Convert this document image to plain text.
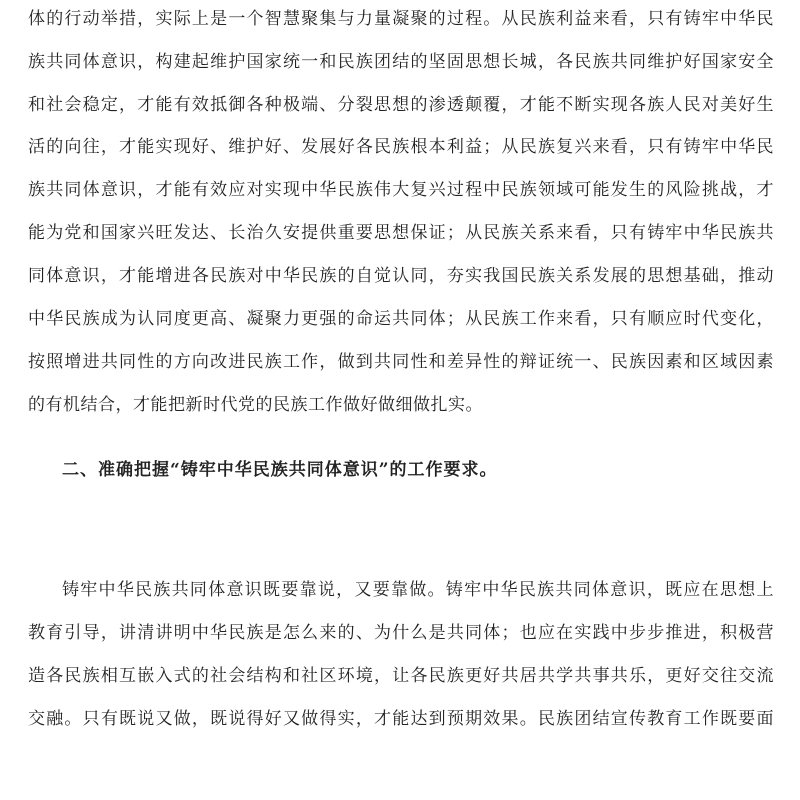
体的行动举措，实际上是一个智慧聚集与力量凝聚的过程。从民族利益来看，只有铸牢中华民
族共同体意识，构建起维护国家统一和民族团结的坚固思想长城，各民族共同维护好国家安全
和社会稳定，才能有效抵御各种极端、分裂思想的渗透颠覆，才能不断实现各族人民对美好生
活的向往，才能实现好、维护好、发展好各民族根本利益；从民族复兴来看，只有铸牢中华民
族共同体意识，才能有效应对实现中华民族伟大复兴过程中民族领域可能发生的风险挑战，才
能为党和国家兴旺发达、长治久安提供重要思想保证；从民族关系来看，只有铸牢中华民族共
同体意识，才能增进各民族对中华民族的自觉认同，夯实我国民族关系发展的思想基础，推动
中华民族成为认同度更高、凝聚力更强的命运共同体；从民族工作来看，只有顺应时代变化，
按照增进共同性的方向改进民族工作，做到共同性和差异性的辩证统一、民族因素和区域因素
的有机结合，才能把新时代党的民族工作做好做细做扎实。
二、准确把握“铸牢中华民族共同体意识”的工作要求。
铸牢中华民族共同体意识既要靠说，又要靠做。铸牢中华民族共同体意识，既应在思想上
教育引导，讲清讲明中华民族是怎么来的、为什么是共同体；也应在实践中步步推进，积极营
造各民族相互嵌入式的社会结构和社区环境，让各民族更好共居共学共事共乐，更好交往交流
交融。只有既说又做，既说得好又做得实，才能达到预期效果。民族团结宣传教育工作既要面
